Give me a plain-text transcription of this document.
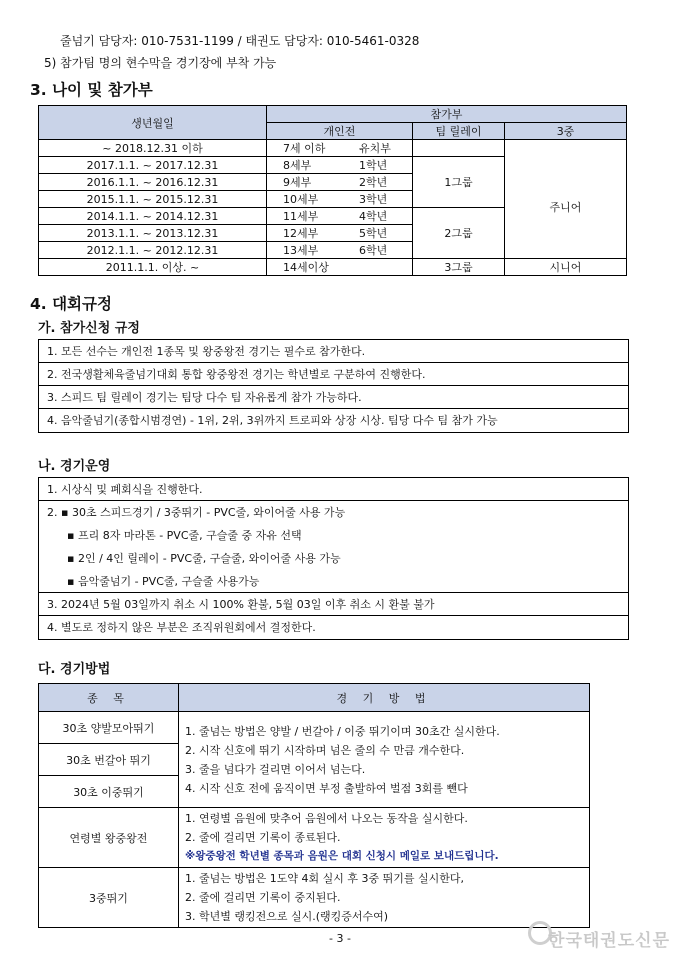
줄넘기 담당자: 010-7531-1199 / 태권도 담당자: 010-5461-0328
5) 참가팀 명의 현수막을 경기장에 부착 가능
3. 나이 및 참가부
생년월일	참가부		
	개인전	팀 릴레이	3중
~ 2018.12.31 이하	7세 이하 유치부		
2017.1.1. ~ 2017.12.31	8세부 1학년	1그룹	주니어
2016.1.1. ~ 2016.12.31	9세부 2학년		
2015.1.1. ~ 2015.12.31	10세부 3학년		
2014.1.1. ~ 2014.12.31	11세부 4학년	2그룹	
2013.1.1. ~ 2013.12.31	12세부 5학년		
2012.1.1. ~ 2012.12.31	13세부 6학년		
2011.1.1. 이상. ~	14세이상	3그룹	시니어
4. 대회규정
가. 참가신청 규정
1. 모든 선수는 개인전 1종목 및 왕중왕전 경기는 필수로 참가한다.
2. 전국생활체육줄넘기대회 통합 왕중왕전 경기는 학년별로 구분하여 진행한다.
3. 스피드 팀 릴레이 경기는 팀당 다수 팀 자유롭게 참가 가능하다.
4. 음악줄넘기(종합시범경연) - 1위, 2위, 3위까지 트로피와 상장 시상. 팀당 다수 팀 참가 가능
나. 경기운영
1. 시상식 및 폐회식을 진행한다.
2. ▪ 30초 스피드경기 / 3중뛰기 - PVC줄, 와이어줄 사용 가능
▪ 프리 8자 마라톤 - PVC줄, 구슬줄 중 자유 선택
▪ 2인 / 4인 릴레이 - PVC줄, 구슬줄, 와이어줄 사용 가능
▪ 음악줄넘기 - PVC줄, 구슬줄 사용가능
3. 2024년 5월 03일까지 취소 시 100% 환불, 5월 03일 이후 취소 시 환불 불가
4. 별도로 정하지 않은 부분은 조직위원회에서 결정한다.
다. 경기방법
종 목	경 기 방 법
30초 양발모아뛰기	1. 줄넘는 방법은 양발 / 번갈아 / 이중 뛰기이며 30초간 실시한다.
2. 시작 신호에 뛰기 시작하며 넘은 줄의 수 만큼 개수한다.
3. 줄을 넘다가 걸리면 이어서 넘는다.
4. 시작 신호 전에 움직이면 부정 출발하여 벌점 3회를 뺀다

30초 번갈아 뛰기	
30초 이중뛰기	
연령별 왕중왕전	1. 연령별 음원에 맞추어 음원에서 나오는 동작을 실시한다.
2. 줄에 걸리면 기록이 종료된다.
※왕중왕전 학년별 종목과 음원은 대회 신청시 메일로 보내드립니다.

3중뛰기	1. 줄넘는 방법은 1도약 4회 실시 후 3중 뛰기를 실시한다,
2. 줄에 걸리면 기록이 중지된다.
3. 학년별 랭킹전으로 실시.(랭킹증서수여)
- 3 -	한국태권도신문
